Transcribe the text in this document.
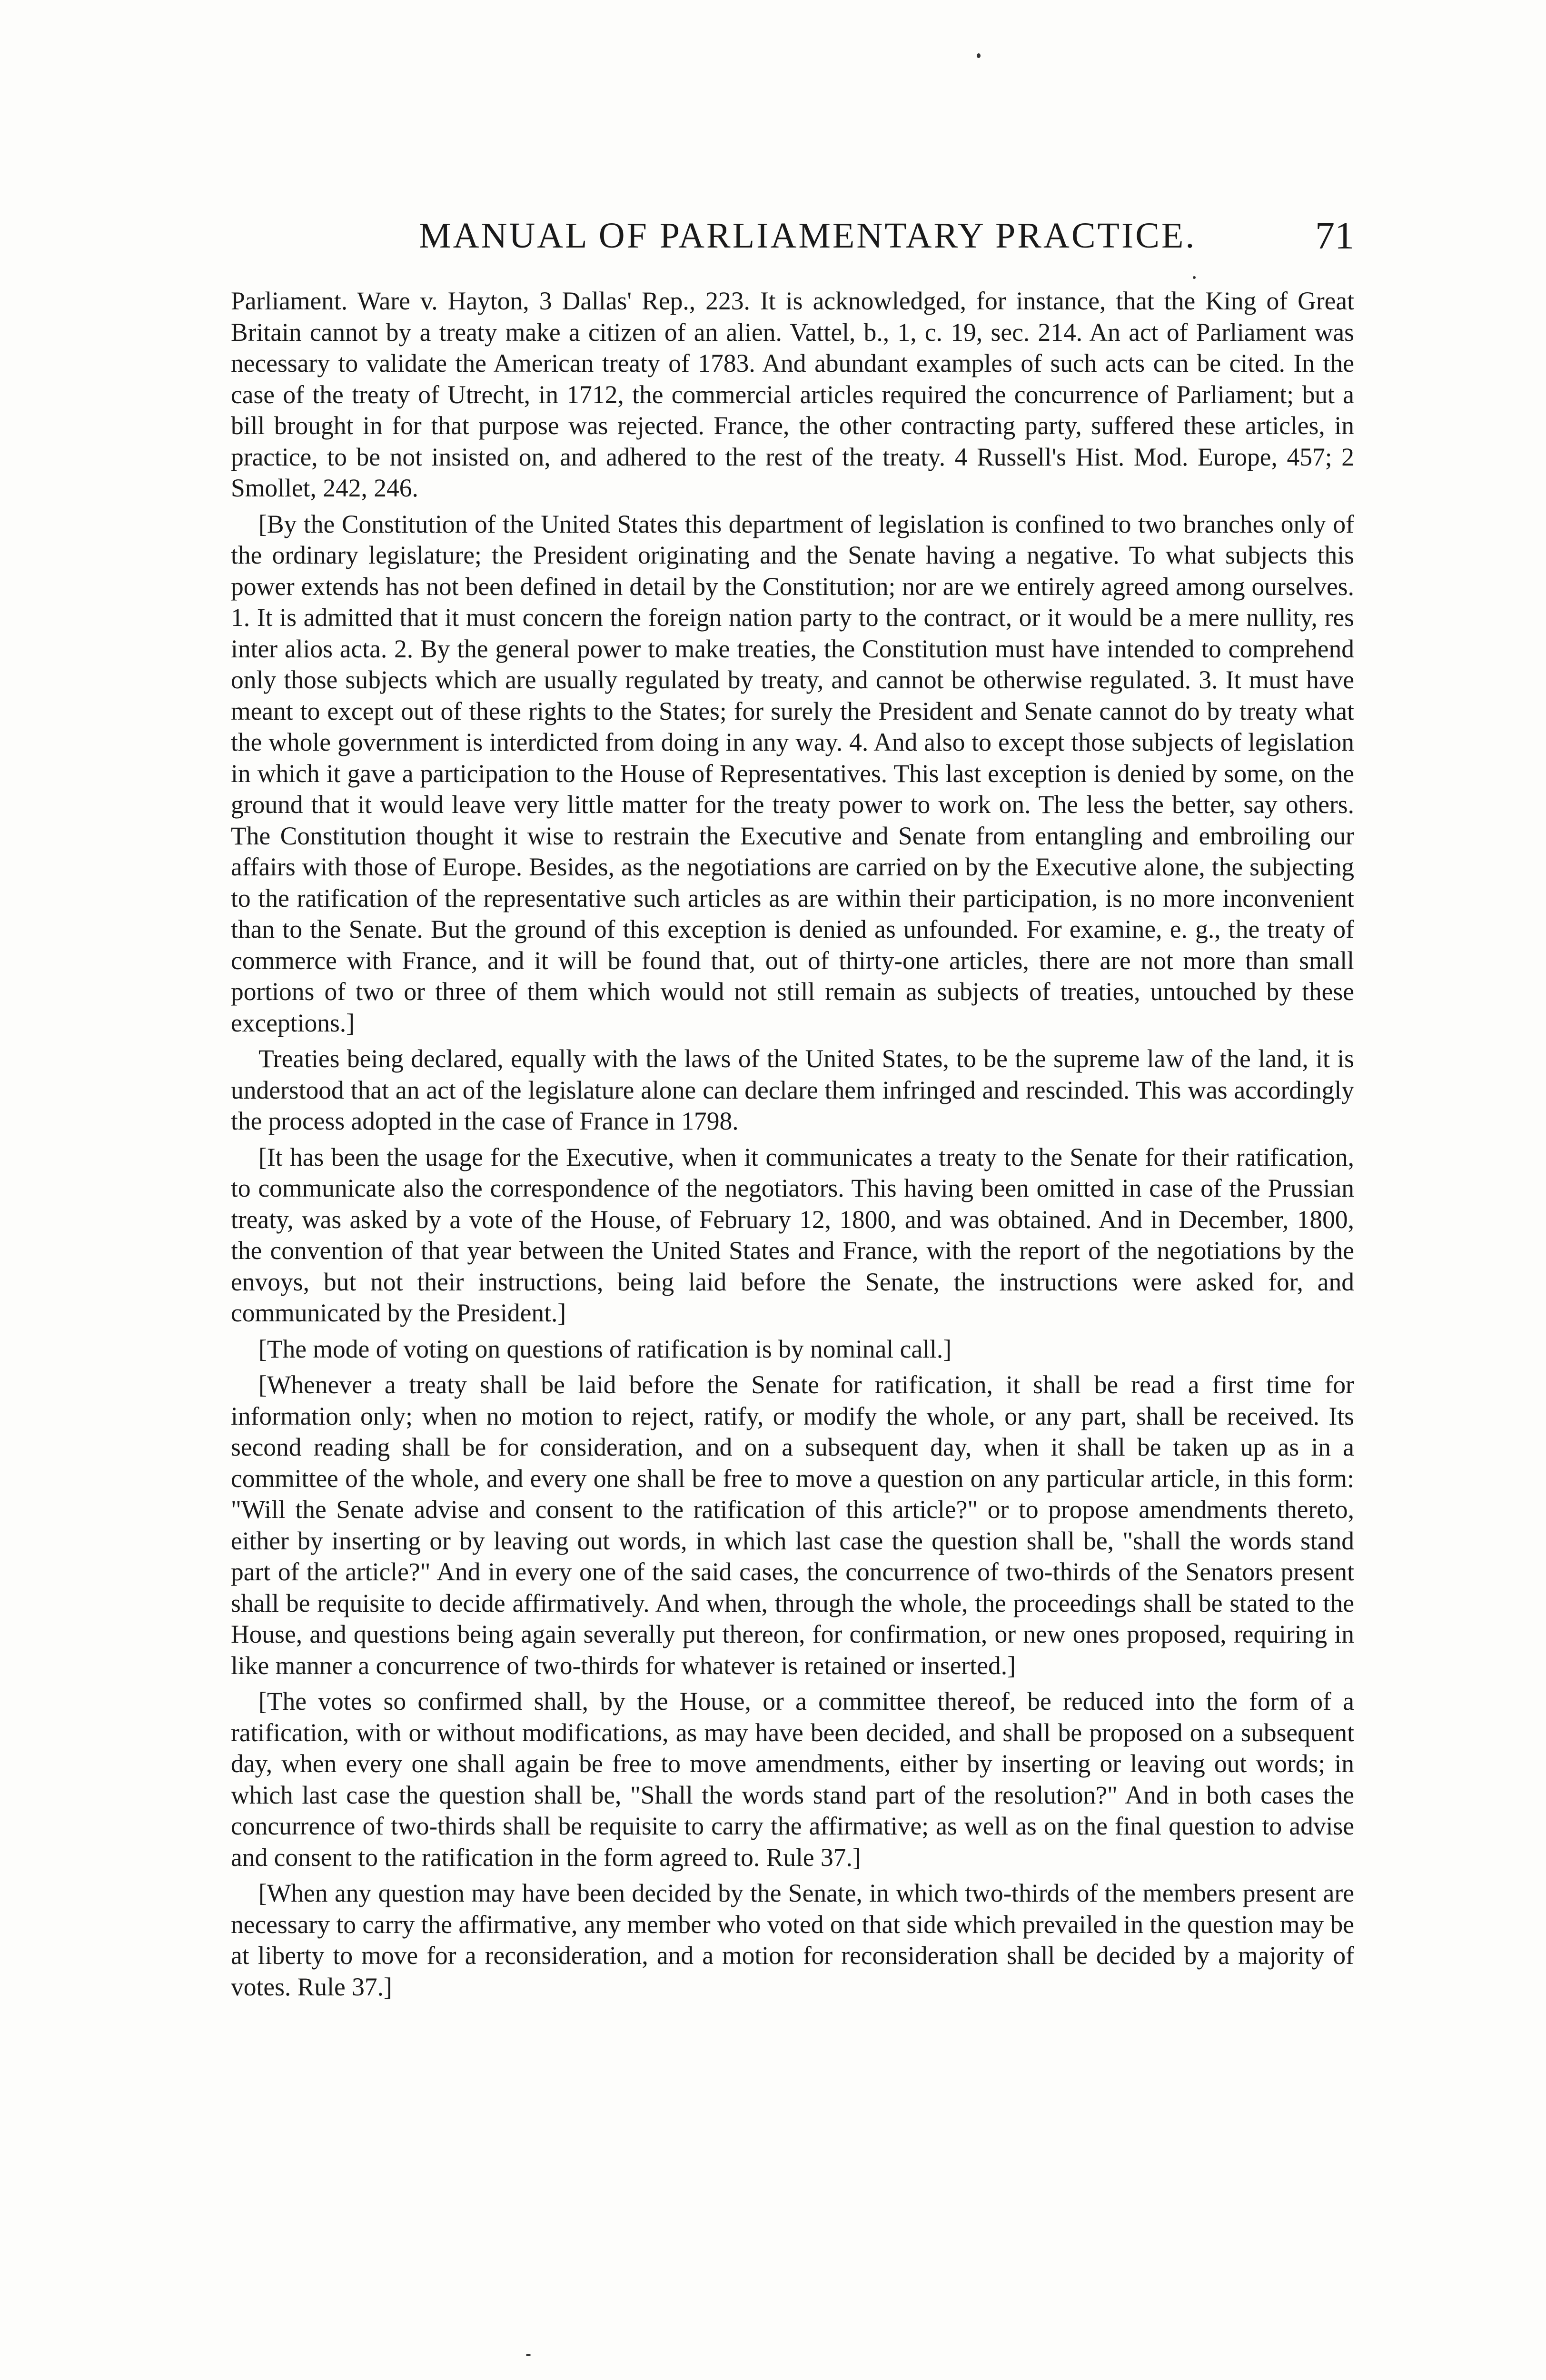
MANUAL OF PARLIAMENTARY PRACTICE.	71

Parliament. Ware v. Hayton, 3 Dallas' Rep., 223. It is acknowledged, for instance, that the King of Great Britain cannot by a treaty make a citizen of an alien. Vattel, b., 1, c. 19, sec. 214. An act of Parliament was necessary to validate the American treaty of 1783. And abundant examples of such acts can be cited. In the case of the treaty of Utrecht, in 1712, the commercial articles required the concurrence of Parliament; but a bill brought in for that purpose was rejected. France, the other contracting party, suffered these articles, in practice, to be not insisted on, and adhered to the rest of the treaty. 4 Russell's Hist. Mod. Europe, 457; 2 Smollet, 242, 246.

[By the Constitution of the United States this department of legislation is confined to two branches only of the ordinary legislature; the President originating and the Senate having a negative. To what subjects this power extends has not been defined in detail by the Constitution; nor are we entirely agreed among ourselves. 1. It is admitted that it must concern the foreign nation party to the contract, or it would be a mere nullity, res inter alios acta. 2. By the general power to make treaties, the Constitution must have intended to comprehend only those subjects which are usually regulated by treaty, and cannot be otherwise regulated. 3. It must have meant to except out of these rights to the States; for surely the President and Senate cannot do by treaty what the whole government is interdicted from doing in any way. 4. And also to except those subjects of legislation in which it gave a participation to the House of Representatives. This last exception is denied by some, on the ground that it would leave very little matter for the treaty power to work on. The less the better, say others. The Constitution thought it wise to restrain the Executive and Senate from entangling and embroiling our affairs with those of Europe. Besides, as the negotiations are carried on by the Executive alone, the subjecting to the ratification of the representative such articles as are within their participation, is no more inconvenient than to the Senate. But the ground of this exception is denied as unfounded. For examine, e. g., the treaty of commerce with France, and it will be found that, out of thirty-one articles, there are not more than small portions of two or three of them which would not still remain as subjects of treaties, untouched by these exceptions.]

Treaties being declared, equally with the laws of the United States, to be the supreme law of the land, it is understood that an act of the legislature alone can declare them infringed and rescinded. This was accordingly the process adopted in the case of France in 1798.

[It has been the usage for the Executive, when it communicates a treaty to the Senate for their ratification, to communicate also the correspondence of the negotiators. This having been omitted in case of the Prussian treaty, was asked by a vote of the House, of February 12, 1800, and was obtained. And in December, 1800, the convention of that year between the United States and France, with the report of the negotiations by the envoys, but not their instructions, being laid before the Senate, the instructions were asked for, and communicated by the President.]

[The mode of voting on questions of ratification is by nominal call.]

[Whenever a treaty shall be laid before the Senate for ratification, it shall be read a first time for information only; when no motion to reject, ratify, or modify the whole, or any part, shall be received. Its second reading shall be for consideration, and on a subsequent day, when it shall be taken up as in a committee of the whole, and every one shall be free to move a question on any particular article, in this form: "Will the Senate advise and consent to the ratification of this article?" or to propose amendments thereto, either by inserting or by leaving out words, in which last case the question shall be, "shall the words stand part of the article?" And in every one of the said cases, the concurrence of two-thirds of the Senators present shall be requisite to decide affirmatively. And when, through the whole, the proceedings shall be stated to the House, and questions being again severally put thereon, for confirmation, or new ones proposed, requiring in like manner a concurrence of two-thirds for whatever is retained or inserted.]

[The votes so confirmed shall, by the House, or a committee thereof, be reduced into the form of a ratification, with or without modifications, as may have been decided, and shall be proposed on a subsequent day, when every one shall again be free to move amendments, either by inserting or leaving out words; in which last case the question shall be, "Shall the words stand part of the resolution?" And in both cases the concurrence of two-thirds shall be requisite to carry the affirmative; as well as on the final question to advise and consent to the ratification in the form agreed to. Rule 37.]

[When any question may have been decided by the Senate, in which two-thirds of the members present are necessary to carry the affirmative, any member who voted on that side which prevailed in the question may be at liberty to move for a reconsideration, and a motion for reconsideration shall be decided by a majority of votes. Rule 37.]
